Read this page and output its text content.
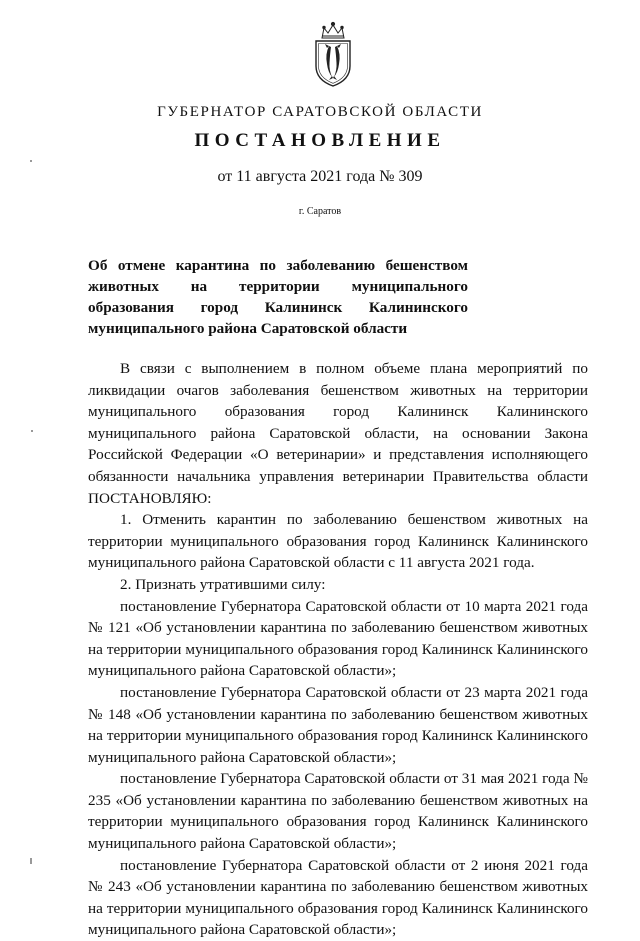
ГУБЕРНАТОР САРАТОВСКОЙ ОБЛАСТИ
ПОСТАНОВЛЕНИЕ
от 11 августа 2021 года № 309
г. Саратов
Об отмене карантина по заболеванию бешенством животных на территории муниципального образования город Калининск Калининского муниципального района Саратовской области

В связи с выполнением в полном объеме плана мероприятий по ликвидации очагов заболевания бешенством животных на территории муниципального образования город Калининск Калининского муниципального района Саратовской области, на основании Закона Российской Федерации «О ветеринарии» и представления исполняющего обязанности начальника управления ветеринарии Правительства области ПОСТАНОВЛЯЮ:

1. Отменить карантин по заболеванию бешенством животных на территории муниципального образования город Калининск Калининского муниципального района Саратовской области с 11 августа 2021 года.

2. Признать утратившими силу:

постановление Губернатора Саратовской области от 10 марта 2021 года № 121 «Об установлении карантина по заболеванию бешенством животных на территории муниципального образования город Калининск Калининского муниципального района Саратовской области»;

постановление Губернатора Саратовской области от 23 марта 2021 года № 148 «Об установлении карантина по заболеванию бешенством животных на территории муниципального образования город Калининск Калининского муниципального района Саратовской области»;

постановление Губернатора Саратовской области от 31 мая 2021 года № 235 «Об установлении карантина по заболеванию бешенством животных на территории муниципального образования город Калининск Калининского муниципального района Саратовской области»;

постановление Губернатора Саратовской области от 2 июня 2021 года № 243 «Об установлении карантина по заболеванию бешенством животных на территории муниципального образования город Калининск Калининского муниципального района Саратовской области»;
